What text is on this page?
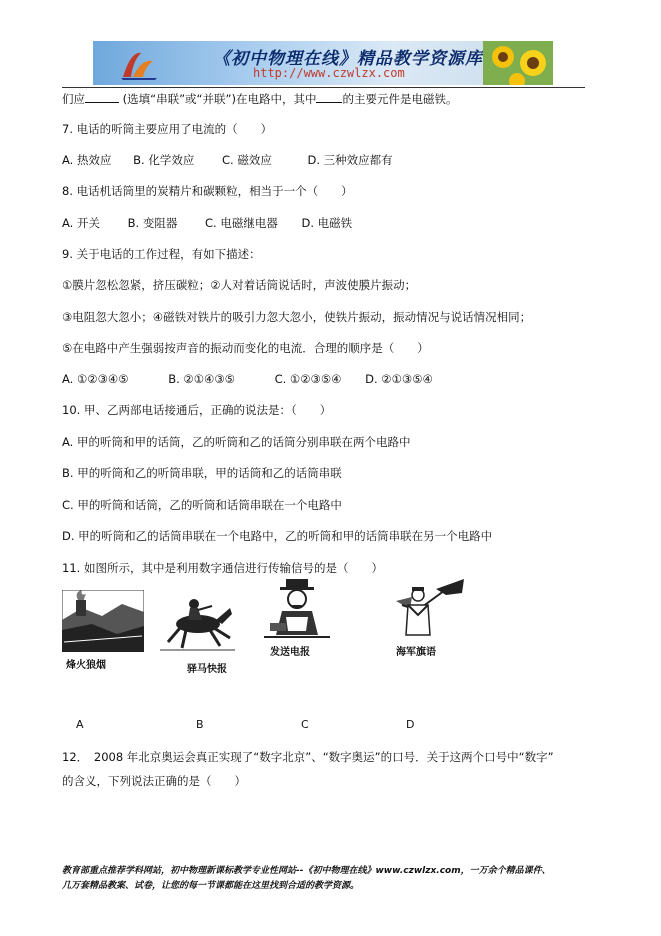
《初中物理在线》精品教学资源库
http://www.czwlzx.com
们应	(选填“串联”或“并联”)在电路中，其中 的主要元件是电磁铁。
7. 电话的听筒主要应用了电流的（　　）
A. 热效应 B. 化学效应 C. 磁效应	D. 三种效应都有
8. 电话机话筒里的炭精片和碳颗粒，相当于一个（　　）
A. 开关 B. 变阻器 C. 电磁继电器 D. 电磁铁
9. 关于电话的工作过程，有如下描述：
①膜片忽松忽紧，挤压碳粒；②人对着话筒说话时，声波使膜片振动；
③电阻忽大忽小；④磁铁对铁片的吸引力忽大忽小，使铁片振动，振动情况与说话情况相同；
⑤在电路中产生强弱按声音的振动而变化的电流．合理的顺序是（　　）
A. ①②③④⑤	B. ②①④③⑤	C. ①②③⑤④ D. ②①③⑤④
10. 甲、乙两部电话接通后，正确的说法是：（　　）
A. 甲的听筒和甲的话筒，乙的听筒和乙的话筒分别串联在两个电路中
B. 甲的听筒和乙的听筒串联，甲的话筒和乙的话筒串联
C. 甲的听筒和话筒，乙的听筒和话筒串联在一个电路中
D. 甲的听筒和乙的话筒串联在一个电路中，乙的听筒和甲的话筒串联在另一个电路中
11. 如图所示，其中是利用数字通信进行传输信号的是（　　）
烽火狼烟	驿马快报
发送电报	海军旗语
A	B	C	D
12．　2008 年北京奥运会真正实现了“数字北京”、“数字奥运”的口号．关于这两个口号中“数字”
的含义，下列说法正确的是（　　）
教育部重点推荐学科网站，初中物理新课标教学专业性网站--《初中物理在线》www.czwlzx.com，一万余个精品课件、
几万套精品教案、试卷，让您的每一节课都能在这里找到合适的教学资源。
